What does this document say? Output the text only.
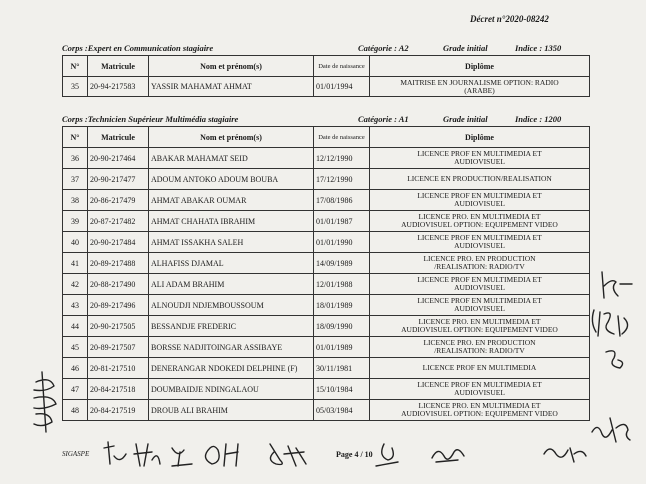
Décret n°2020-08242
Corps :Expert en Communication stagiaire	Catégorie : A2	Grade initial	Indice : 1350
N°	Matricule	Nom et prénom(s)	Date de naissance	Diplôme
35	20-94-217583	YASSIR MAHAMAT AHMAT	01/01/1994	MAITRISE EN JOURNALISME OPTION: RADIO
(ARABE)
Corps :Technicien Supérieur Multimédia stagiaire	Catégorie : A1	Grade initial	Indice : 1200
N°	Matricule	Nom et prénom(s)	Date de naissance	Diplôme
36	20-90-217464	ABAKAR MAHAMAT SEID	12/12/1990	LICENCE PROF EN MULTIMEDIA ET
AUDIOVISUEL

37	20-90-217477	ADOUM ANTOKO ADOUM BOUBA	17/12/1990	LICENCE EN PRODUCTION/REALISATION

38	20-86-217479	AHMAT ABAKAR OUMAR	17/08/1986	LICENCE PROF EN MULTIMEDIA ET
AUDIOVISUEL

39	20-87-217482	AHMAT CHAHATA IBRAHIM	01/01/1987	LICENCE PRO. EN MULTIMEDIA ET
AUDIOVISUEL OPTION: EQUIPEMENT VIDEO

40	20-90-217484	AHMAT ISSAKHA SALEH	01/01/1990	LICENCE PROF EN MULTIMEDIA ET
AUDIOVISUEL

41	20-89-217488	ALHAFISS DJAMAL	14/09/1989	LICENCE PRO. EN PRODUCTION
/REALISATION: RADIO/TV

42	20-88-217490	ALI ADAM BRAHIM	12/01/1988	LICENCE PROF EN MULTIMEDIA ET
AUDIOVISUEL

43	20-89-217496	ALNOUDJI NDJEMBOUSSOUM	18/01/1989	LICENCE PROF EN MULTIMEDIA ET
AUDIOVISUEL

44	20-90-217505	BESSANDJE FREDERIC	18/09/1990	LICENCE PRO. EN MULTIMEDIA ET
AUDIOVISUEL OPTION: EQUIPEMENT VIDEO

45	20-89-217507	BORSSE NADJITOINGAR ASSIBAYE	01/01/1989	LICENCE PRO. EN PRODUCTION
/REALISATION: RADIO/TV

46	20-81-217510	DENERANGAR NDOKEDI DELPHINE (F)	30/11/1981	LICENCE PROF EN MULTIMEDIA

47	20-84-217518	DOUMBAIDJE NDINGALAOU	15/10/1984	LICENCE PROF EN MULTIMEDIA ET
AUDIOVISUEL

48	20-84-217519	DROUB ALI BRAHIM	05/03/1984	LICENCE PRO. EN MULTIMEDIA ET
AUDIOVISUEL OPTION: EQUIPEMENT VIDEO
SIGASPE	Page 4 / 10
